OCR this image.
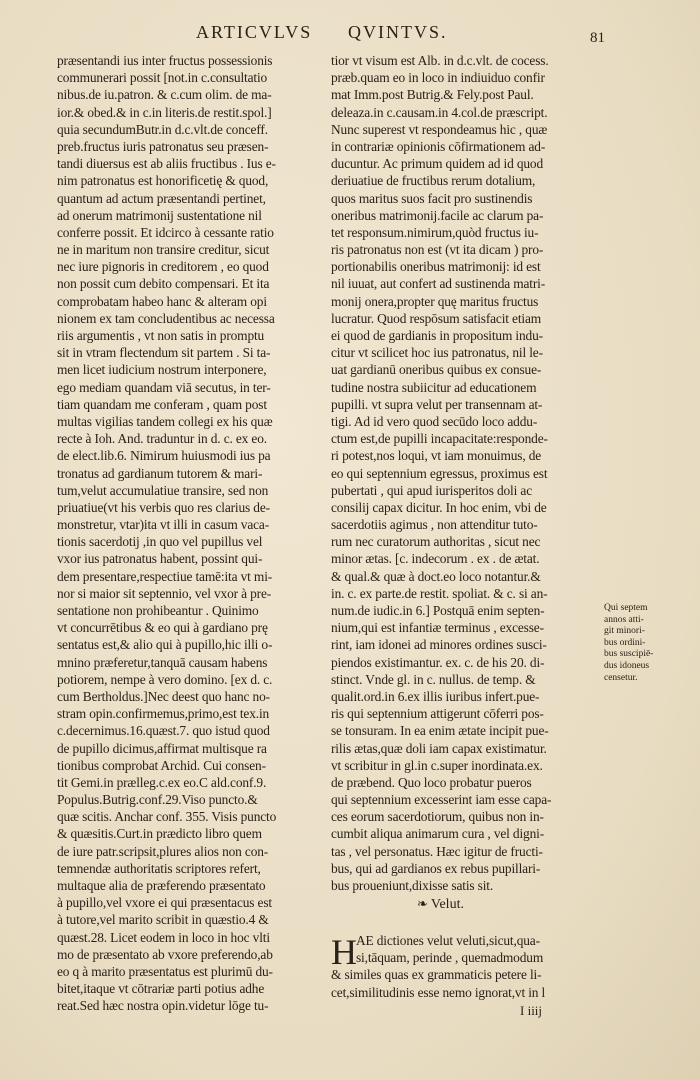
ARTICVLVS QVINTVS.	81
præsentandi ius inter fructus possessionis
communerari possit [not.in c.consultatio
nibus.de iu.patron. & c.cum olim. de ma-
ior.& obed.& in c.in literis.de restit.spol.]
quia secundumButr.in d.c.vlt.de conceff.
preb.fructus iuris patronatus seu præsen-
tandi diuersus est ab aliis fructibus . Ius e-
nim patronatus est honorificetię & quod,
quantum ad actum præsentandi pertinet,
ad onerum matrimonij sustentatione nil
conferre possit. Et idcirco à cessante ratio
ne in maritum non transire creditur, sicut
nec iure pignoris in creditorem , eo quod
non possit cum debito compensari. Et ita
comprobatam habeo hanc & alteram opi
nionem ex tam concludentibus ac necessa
riis argumentis , vt non satis in promptu
sit in vtram flectendum sit partem . Si ta-
men licet iudicium nostrum interponere,
ego mediam quandam viā secutus, in ter-
tiam quandam me conferam , quam post
multas vigilias tandem collegi ex his quæ
recte à Ioh. And. traduntur in d. c. ex eo.
de elect.lib.6. Nimirum huiusmodi ius pa
tronatus ad gardianum tutorem & mari-
tum,velut accumulatiue transire, sed non
priuatiue(vt his verbis quo res clarius de-
monstretur, vtar)ita vt illi in casum vaca-
tionis sacerdotij ,in quo vel pupillus vel
vxor ius patronatus habent, possint qui-
dem presentare,respectiue tamē:ita vt mi-
nor si maior sit septennio, vel vxor à pre-
sentatione non prohibeantur . Quinimo
vt concurrētibus & eo qui à gardiano prę
sentatus est,& alio qui à pupillo,hic illi o-
mnino præferetur,tanquā causam habens
potiorem, nempe à vero domino. [ex d. c.
cum Bertholdus.]Nec deest quo hanc no-
stram opin.confirmemus,primo,est tex.in
c.decernimus.16.quæst.7. quo istud quod
de pupillo dicimus,affirmat multisque ra
tionibus comprobat Archid. Cui consen-
tit Gemi.in prælleg.c.ex eo.C ald.conf.9.
Populus.Butrig.conf.29.Viso puncto.&
quæ scitis. Anchar conf. 355. Visis puncto
& quæsitis.Curt.in prædicto libro quem
de iure patr.scripsit,plures alios non con-
temnendæ authoritatis scriptores refert,
multaque alia de præferendo præsentato
à pupillo,vel vxore ei qui præsentacus est
à tutore,vel marito scribit in quæstio.4 &
quæst.28. Licet eodem in loco in hoc vlti
mo de præsentato ab vxore preferendo,ab
eo q à marito præsentatus est plurimū du-
bitet,itaque vt cōtrariæ parti potius adhe
reat.Sed hæc nostra opin.videtur lōge tu-
tior vt visum est Alb. in d.c.vlt. de cocess.
præb.quam eo in loco in indiuiduo confir
mat Imm.post Butrig.& Fely.post Paul.
deleaza.in c.causam.in 4.col.de præscript.
Nunc superest vt respondeamus hic , quæ
in contrariæ opinionis cōfirmationem ad-
ducuntur. Ac primum quidem ad id quod
deriuatiue de fructibus rerum dotalium,
quos maritus suos facit pro sustinendis
oneribus matrimonij.facile ac clarum pa-
tet responsum.nimirum,quòd fructus iu-
ris patronatus non est (vt ita dicam ) pro-
portionabilis oneribus matrimonij: id est
nil iuuat, aut confert ad sustinenda matri-
monij onera,propter quę maritus fructus
lucratur. Quod respōsum satisfacit etiam
ei quod de gardianis in propositum indu-
citur vt scilicet hoc ius patronatus, nil le-
uat gardianū oneribus quibus ex consue-
tudine nostra subiicitur ad educationem
pupilli. vt supra velut per transennam at-
tigi. Ad id vero quod secūdo loco addu-
ctum est,de pupilli incapacitate:responde-
ri potest,nos loqui, vt iam monuimus, de
eo qui septennium egressus, proximus est
pubertati , qui apud iurisperitos doli ac
consilij capax dicitur. In hoc enim, vbi de
sacerdotiis agimus , non attenditur tuto-
rum nec curatorum authoritas , sicut nec
minor ætas. [c. indecorum . ex . de ætat.
& qual.& quæ à doct.eo loco notantur.&
in. c. ex parte.de restit. spoliat. & c. si an-
num.de iudic.in 6.] Postquā enim septen-
nium,qui est infantiæ terminus , excesse-
rint, iam idonei ad minores ordines susci-
piendos existimantur. ex. c. de his 20. di-
stinct. Vnde gl. in c. nullus. de temp. &
qualit.ord.in 6.ex illis iuribus infert.pue-
ris qui septennium attigerunt cōferri pos-
se tonsuram. In ea enim ætate incipit pue-
rilis ætas,quæ doli iam capax existimatur.
vt scribitur in gl.in c.super inordinata.ex.
de præbend. Quo loco probatur pueros
qui septennium excesserint iam esse capa-
ces eorum sacerdotiorum, quibus non in-
cumbit aliqua animarum cura , vel digni-
tas , vel personatus. Hæc igitur de fructi-
bus, qui ad gardianos ex rebus pupillari-
bus proueniunt,dixisse satis sit.
Qui septem
annos atti-
git minori-
bus ordini-
bus suscipiē-
dus idoneus
censetur.
❧ Velut.
H AE dictiones velut veluti,sicut,qua-
si,tāquam, perinde , quemadmodum
& similes quas ex grammaticis petere li-
cet,similitudinis esse nemo ignorat,vt in l
I iiij
